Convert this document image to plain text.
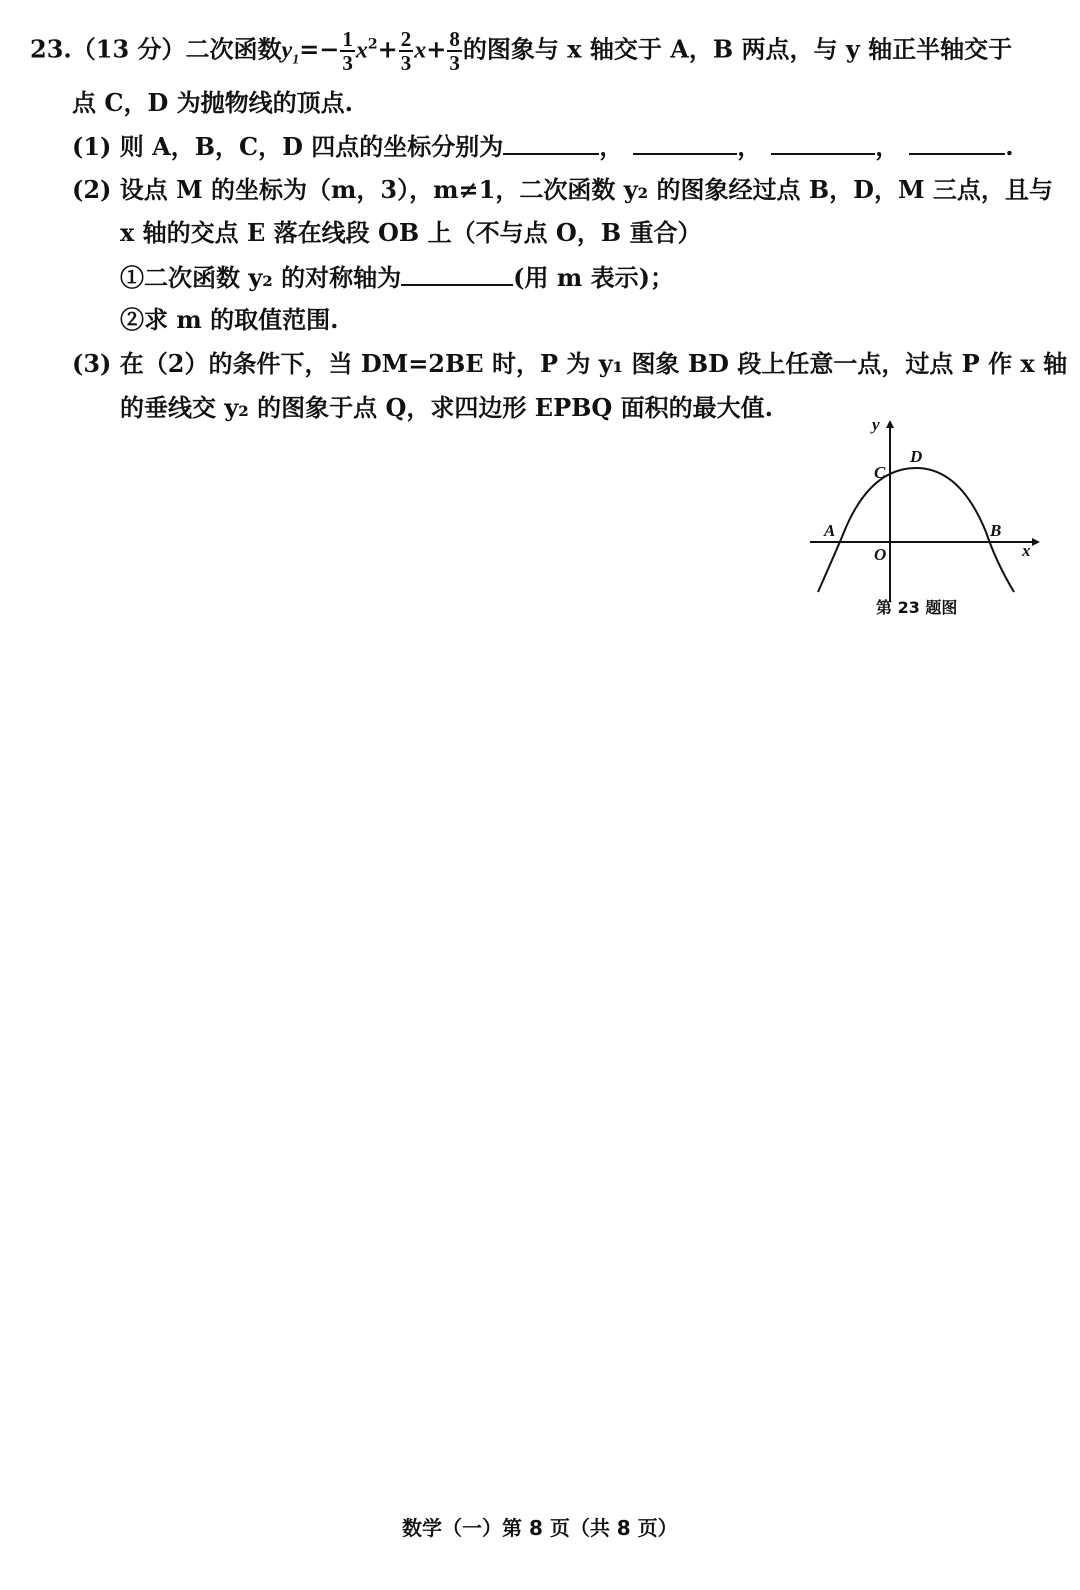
23.（13 分）二次函数$y_1=- \frac{1}{3} x^2+ \frac{2}{3} x+ \frac{8}{3}$ 的图象与 x 轴交于 A，B 两点，与 y 轴正半轴交于
点 C，D 为抛物线的顶点.
(1) 则 A，B，C，D 四点的坐标分别为	，	，	，	.
(2) 设点 M 的坐标为（m，3），m≠1，二次函数 y₂ 的图象经过点 B，D，M 三点，且与
x 轴的交点 E 落在线段 OB 上（不与点 O，B 重合）
①二次函数 y₂ 的对称轴为	(用 m 表示)；
②求 m 的取值范围.
(3) 在（2）的条件下，当 DM=2BE 时，P 为 y₁ 图象 BD 段上任意一点，过点 P 作 x 轴
的垂线交 y₂ 的图象于点 Q，求四边形 EPBQ 面积的最大值.
y
x
O
A	B
C
D
第 23 题图
数学（一）第 8 页（共 8 页）
